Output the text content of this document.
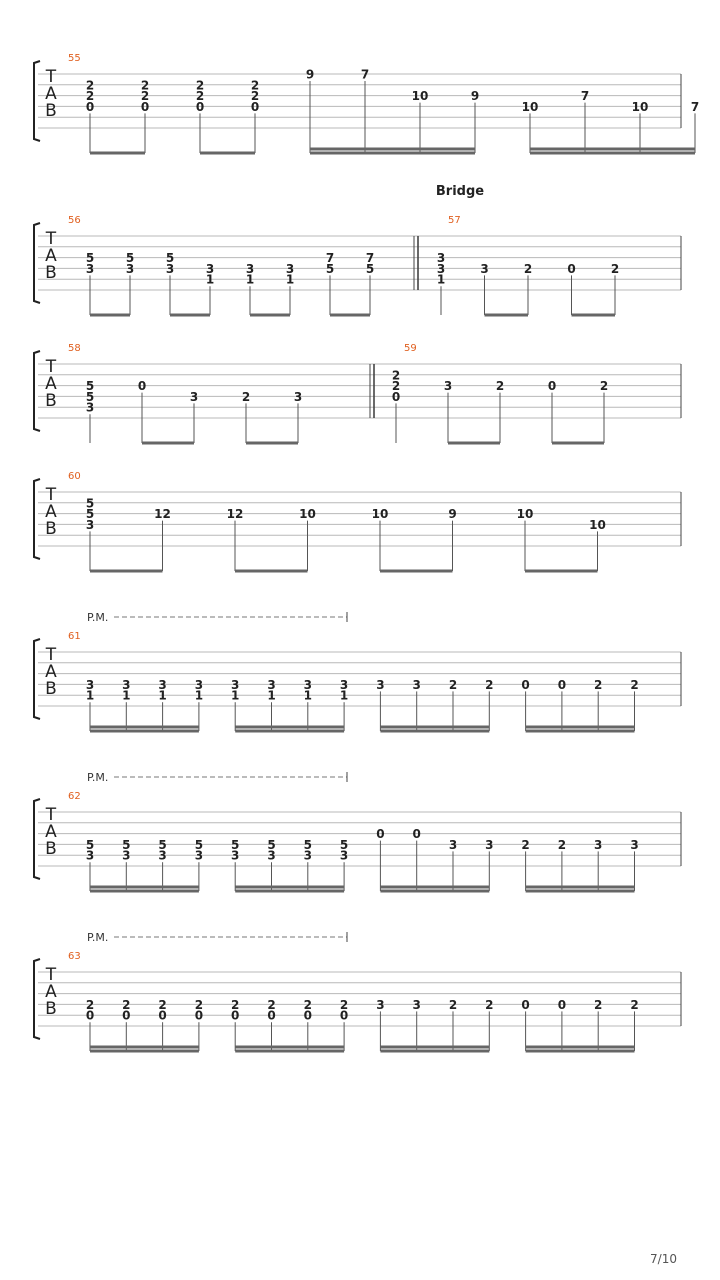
7/10
T
A
B
55
2
2
0
2
2
0
2
2
0
2
2
0
9	7
10	9
10
7
10	7
T
A
B
Bridge
56
5
3
5
3
5
3	3
1
3
1
3
1
7
5
7
5
57
3
3
1
3	2	0	2
T
A
B
58
5
5
3
0
3	2	3
59
2
2
0
3	2	0	2
T
A
B
60
5
5
3
12	12	10	10	9	10
10
T
A
B
P.M.
61
3
1
3
1
3
1
3
1
3
1
3
1
3
1
3
1
3 3 2 2 0 0 2 2
T
A
B
P.M.
62
5
3
5
3
5
3
5
3
5
3
5
3
5
3
5
3
0 0
3 3 2 2 3 3
T
A
B
P.M.
63
2
0
2
0
2
0
2
0
2
0
2
0
2
0
2
0
3 3 2 2 0 0 2 2
